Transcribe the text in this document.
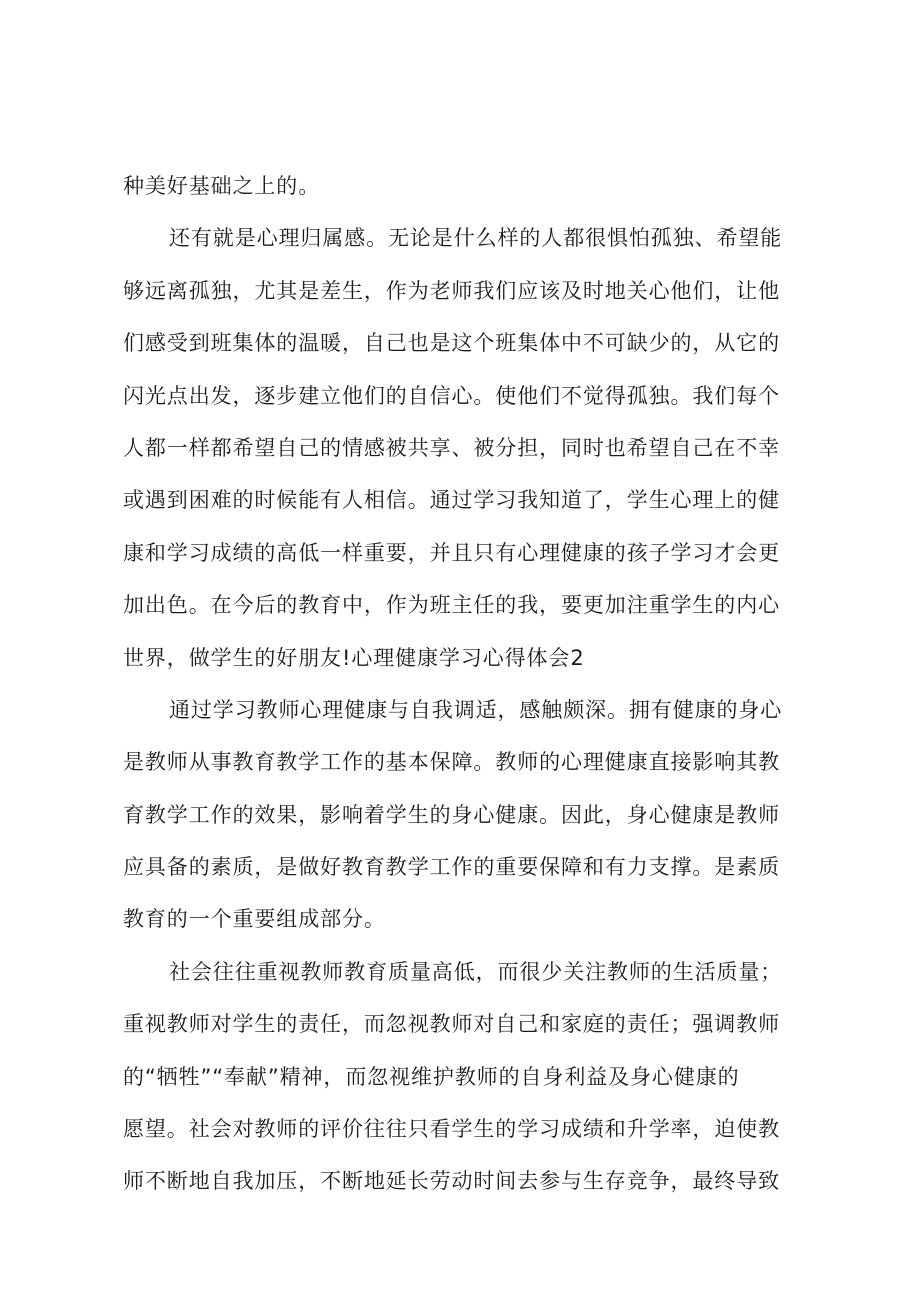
种美好基础之上的。
还有就是心理归属感。无论是什么样的人都很惧怕孤独、希望能
够远离孤独，尤其是差生，作为老师我们应该及时地关心他们，让他
们感受到班集体的温暖，自己也是这个班集体中不可缺少的，从它的
闪光点出发，逐步建立他们的自信心。使他们不觉得孤独。我们每个
人都一样都希望自己的情感被共享、被分担，同时也希望自己在不幸
或遇到困难的时候能有人相信。通过学习我知道了，学生心理上的健
康和学习成绩的高低一样重要，并且只有心理健康的孩子学习才会更
加出色。在今后的教育中，作为班主任的我，要更加注重学生的内心
世界，做学生的好朋友!心理健康学习心得体会2
通过学习教师心理健康与自我调适，感触颇深。拥有健康的身心
是教师从事教育教学工作的基本保障。教师的心理健康直接影响其教
育教学工作的效果，影响着学生的身心健康。因此，身心健康是教师
应具备的素质，是做好教育教学工作的重要保障和有力支撑。是素质
教育的一个重要组成部分。
社会往往重视教师教育质量高低，而很少关注教师的生活质量；
重视教师对学生的责任，而忽视教师对自己和家庭的责任；强调教师
的“牺牲”“奉献”精神，而忽视维护教师的自身利益及身心健康的
愿望。社会对教师的评价往往只看学生的学习成绩和升学率，迫使教
师不断地自我加压，不断地延长劳动时间去参与生存竞争，最终导致
